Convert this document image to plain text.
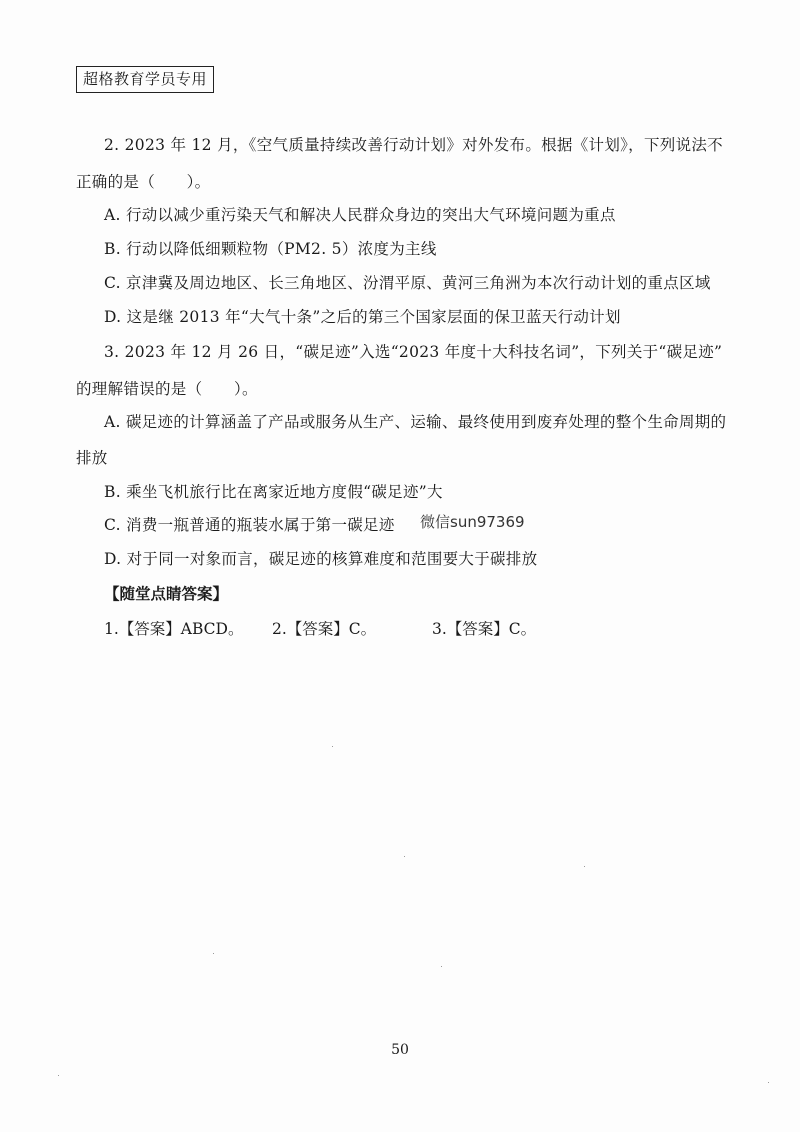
超格教育学员专用
2. 2023 年 12 月，《空气质量持续改善行动计划》对外发布。根据《计划》，下列说法不
正确的是（　　）。
A. 行动以减少重污染天气和解决人民群众身边的突出大气环境问题为重点
B. 行动以降低细颗粒物（PM2. 5）浓度为主线
C. 京津冀及周边地区、长三角地区、汾渭平原、黄河三角洲为本次行动计划的重点区域
D. 这是继 2013 年“大气十条”之后的第三个国家层面的保卫蓝天行动计划
3. 2023 年 12 月 26 日，“碳足迹”入选“2023 年度十大科技名词”，下列关于“碳足迹”
的理解错误的是（　　）。
A. 碳足迹的计算涵盖了产品或服务从生产、运输、最终使用到废弃处理的整个生命周期的
排放
B. 乘坐飞机旅行比在离家近地方度假“碳足迹”大
C. 消费一瓶普通的瓶装水属于第一碳足迹
D. 对于同一对象而言，碳足迹的核算难度和范围要大于碳排放
微信sun97369
【随堂点睛答案】
1.【答案】ABCD。 2.【答案】C。	3.【答案】C。
50
